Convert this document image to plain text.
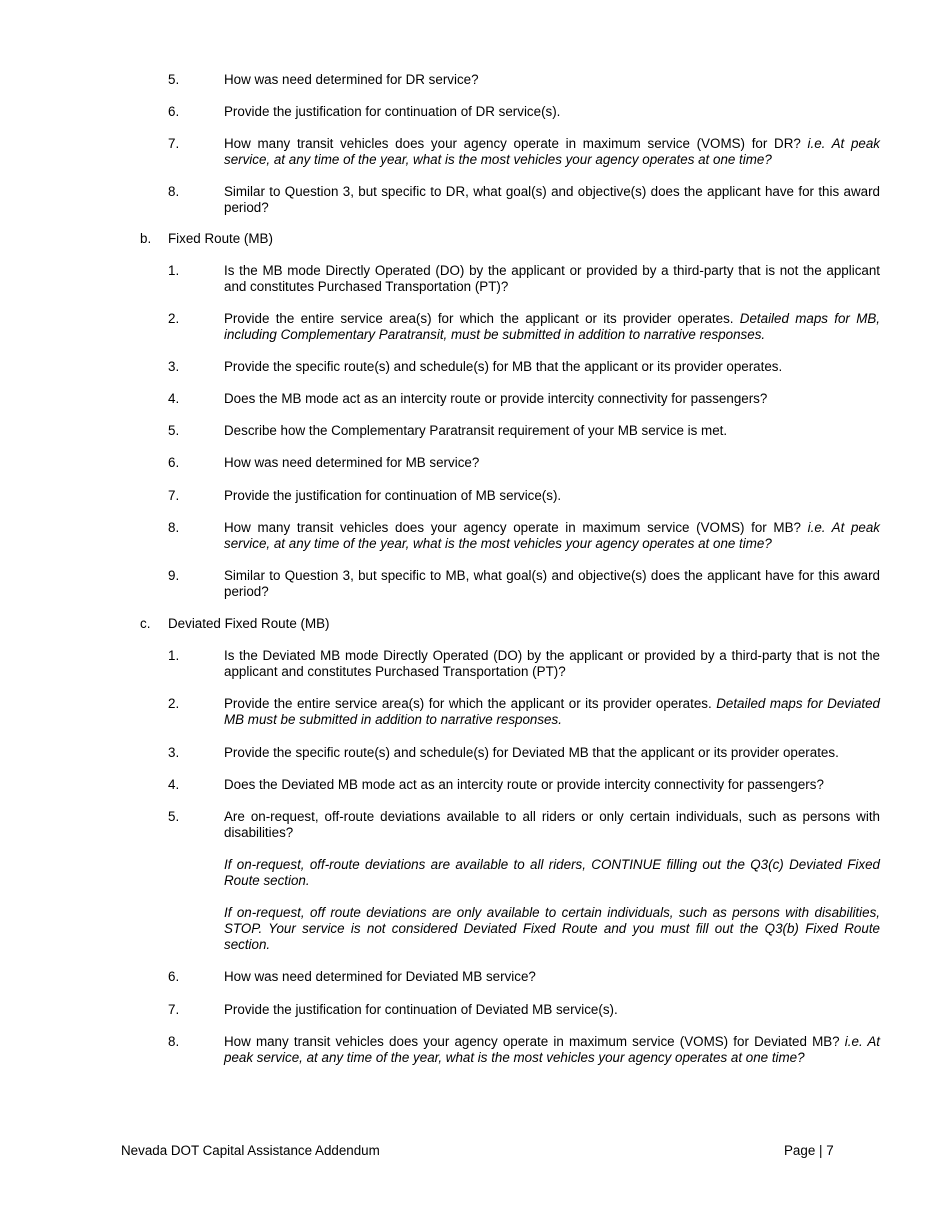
5.	How was need determined for DR service?
6.	Provide the justification for continuation of DR service(s).
7.	How many transit vehicles does your agency operate in maximum service (VOMS) for DR? i.e. At peak service, at any time of the year, what is the most vehicles your agency operates at one time?
8.	Similar to Question 3, but specific to DR, what goal(s) and objective(s) does the applicant have for this award period?
b. Fixed Route (MB)
1.	Is the MB mode Directly Operated (DO) by the applicant or provided by a third-party that is not the applicant and constitutes Purchased Transportation (PT)?
2.	Provide the entire service area(s) for which the applicant or its provider operates. Detailed maps for MB, including Complementary Paratransit, must be submitted in addition to narrative responses.
3.	Provide the specific route(s) and schedule(s) for MB that the applicant or its provider operates.
4.	Does the MB mode act as an intercity route or provide intercity connectivity for passengers?
5.	Describe how the Complementary Paratransit requirement of your MB service is met.
6.	How was need determined for MB service?
7.	Provide the justification for continuation of MB service(s).
8.	How many transit vehicles does your agency operate in maximum service (VOMS) for MB? i.e. At peak service, at any time of the year, what is the most vehicles your agency operates at one time?
9.	Similar to Question 3, but specific to MB, what goal(s) and objective(s) does the applicant have for this award period?
c. Deviated Fixed Route (MB)
1.	Is the Deviated MB mode Directly Operated (DO) by the applicant or provided by a third-party that is not the applicant and constitutes Purchased Transportation (PT)?
2.	Provide the entire service area(s) for which the applicant or its provider operates. Detailed maps for Deviated MB must be submitted in addition to narrative responses.
3.	Provide the specific route(s) and schedule(s) for Deviated MB that the applicant or its provider operates.
4.	Does the Deviated MB mode act as an intercity route or provide intercity connectivity for passengers?
5.	Are on-request, off-route deviations available to all riders or only certain individuals, such as persons with disabilities?
If on-request, off-route deviations are available to all riders, CONTINUE filling out the Q3(c) Deviated Fixed Route section.
If on-request, off route deviations are only available to certain individuals, such as persons with disabilities, STOP. Your service is not considered Deviated Fixed Route and you must fill out the Q3(b) Fixed Route section.
6.	How was need determined for Deviated MB service?
7.	Provide the justification for continuation of Deviated MB service(s).
8.	How many transit vehicles does your agency operate in maximum service (VOMS) for Deviated MB? i.e. At peak service, at any time of the year, what is the most vehicles your agency operates at one time?
Nevada DOT Capital Assistance Addendum	Page | 7
